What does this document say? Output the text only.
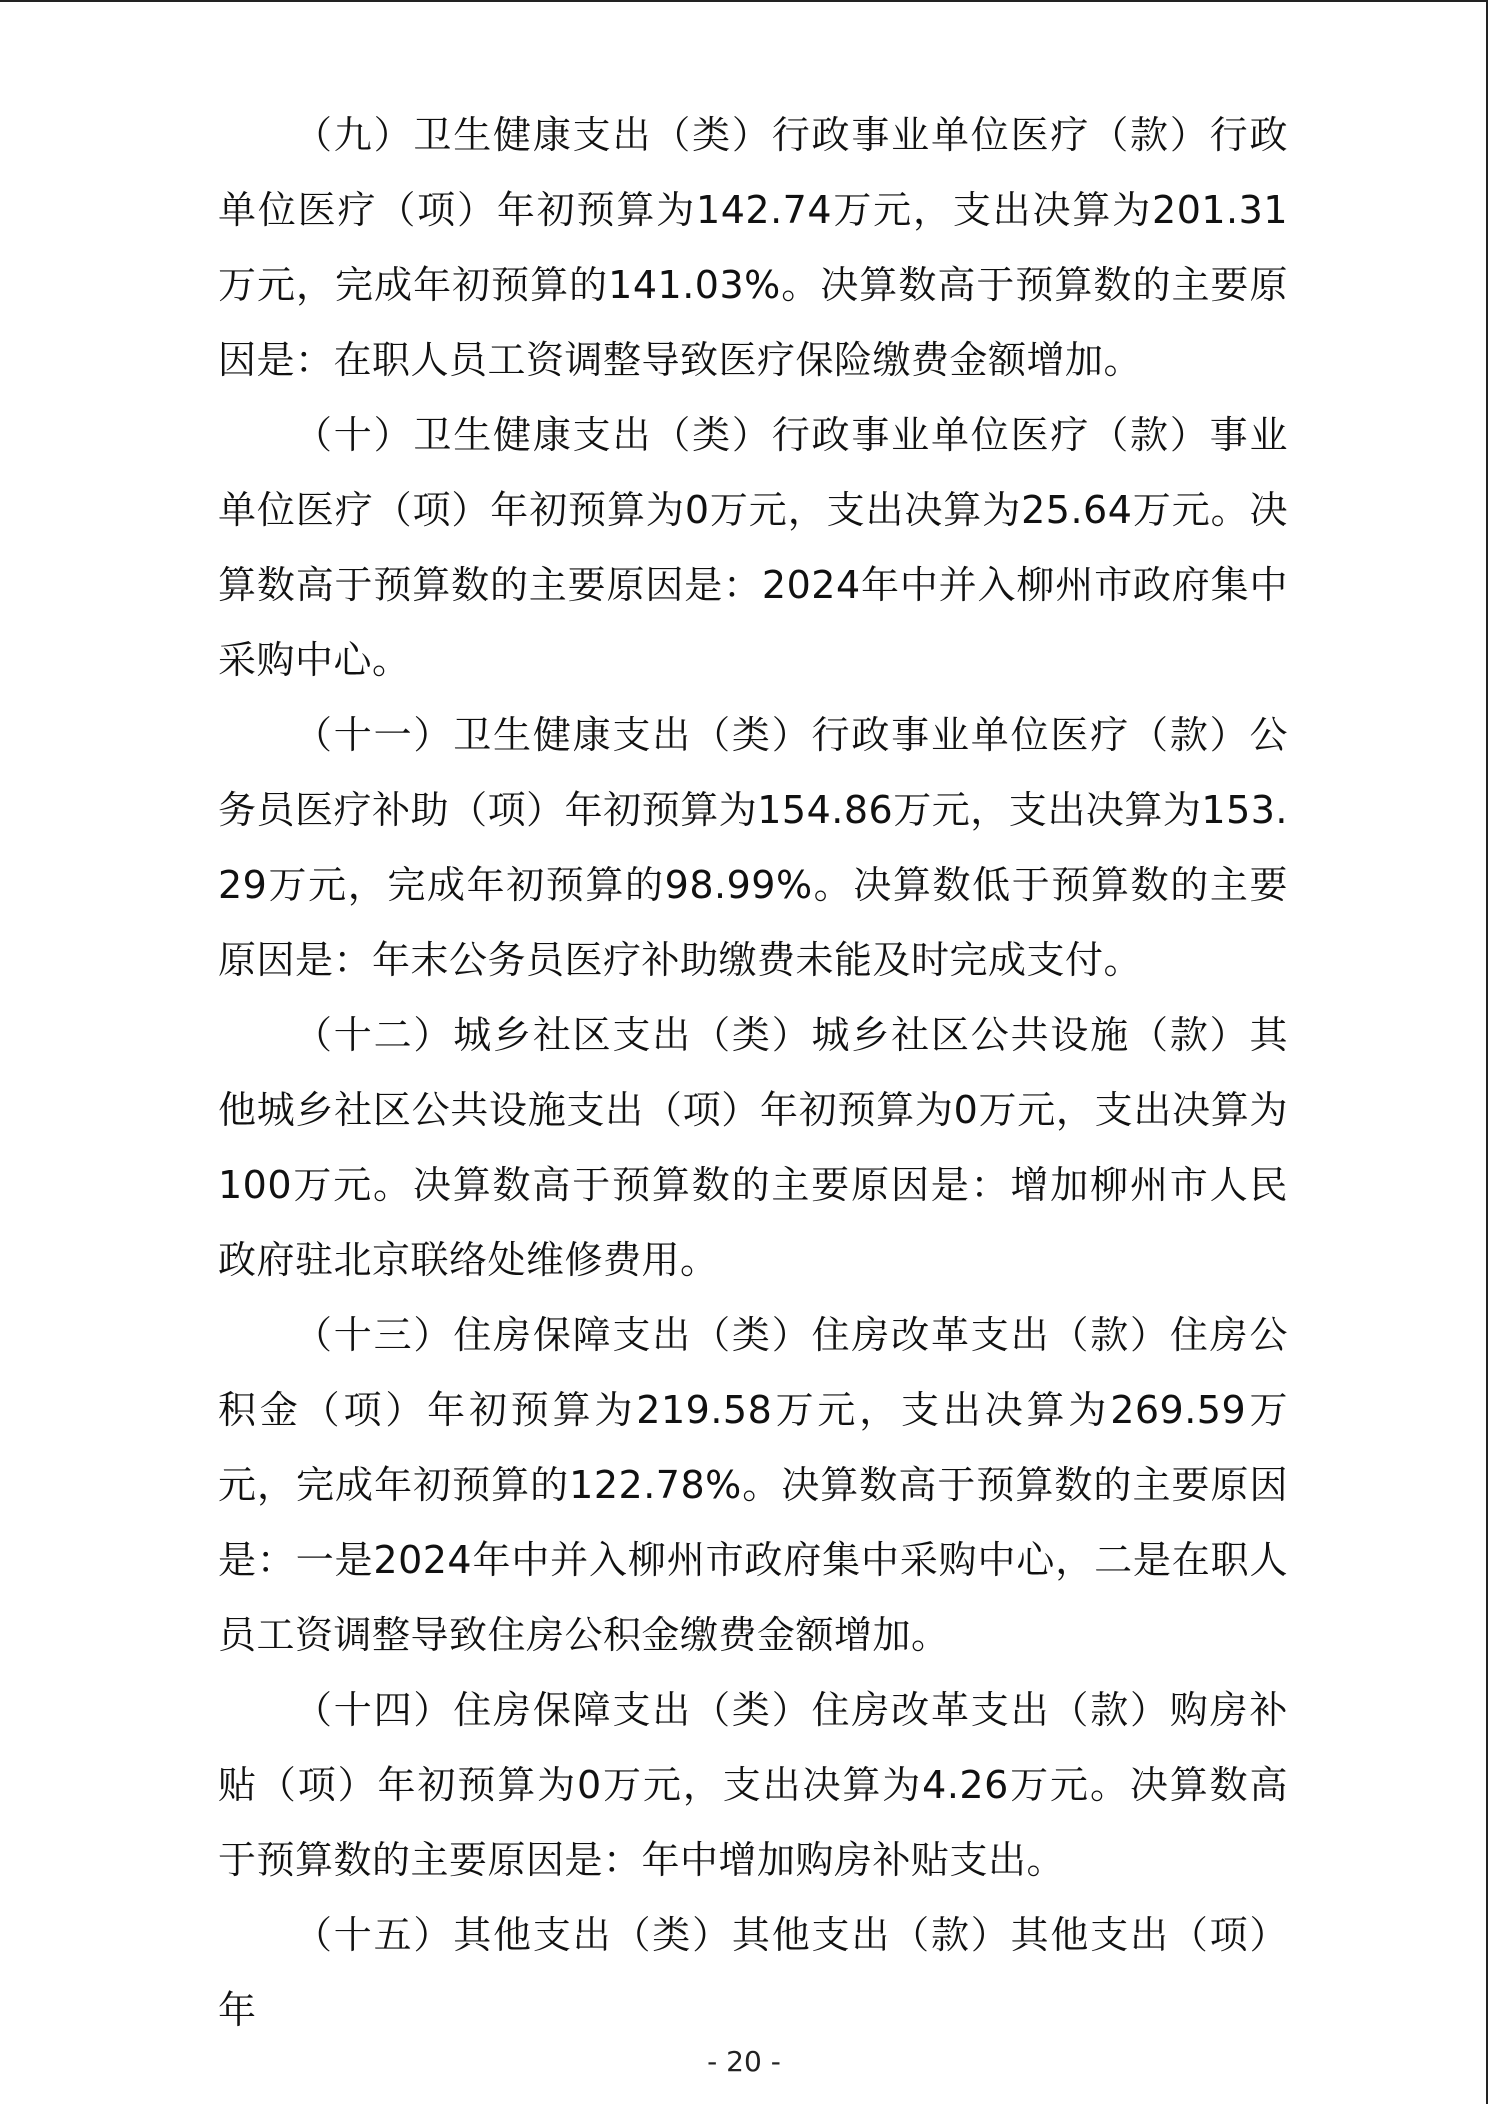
（九）卫生健康支出（类）行政事业单位医疗（款）行政单位医疗（项）年初预算为142.74万元，支出决算为201.31万元，完成年初预算的141.03%。决算数高于预算数的主要原因是：在职人员工资调整导致医疗保险缴费金额增加。

（十）卫生健康支出（类）行政事业单位医疗（款）事业单位医疗（项）年初预算为0万元，支出决算为25.64万元。决算数高于预算数的主要原因是：2024年中并入柳州市政府集中采购中心。

（十一）卫生健康支出（类）行政事业单位医疗（款）公务员医疗补助（项）年初预算为154.86万元，支出决算为153.29万元，完成年初预算的98.99%。决算数低于预算数的主要原因是：年末公务员医疗补助缴费未能及时完成支付。

（十二）城乡社区支出（类）城乡社区公共设施（款）其他城乡社区公共设施支出（项）年初预算为0万元，支出决算为100万元。决算数高于预算数的主要原因是：增加柳州市人民政府驻北京联络处维修费用。

（十三）住房保障支出（类）住房改革支出（款）住房公积金（项）年初预算为219.58万元，支出决算为269.59万元，完成年初预算的122.78%。决算数高于预算数的主要原因是：一是2024年中并入柳州市政府集中采购中心，二是在职人员工资调整导致住房公积金缴费金额增加。

（十四）住房保障支出（类）住房改革支出（款）购房补贴（项）年初预算为0万元，支出决算为4.26万元。决算数高于预算数的主要原因是：年中增加购房补贴支出。

（十五）其他支出（类）其他支出（款）其他支出（项）年

- 20 -
